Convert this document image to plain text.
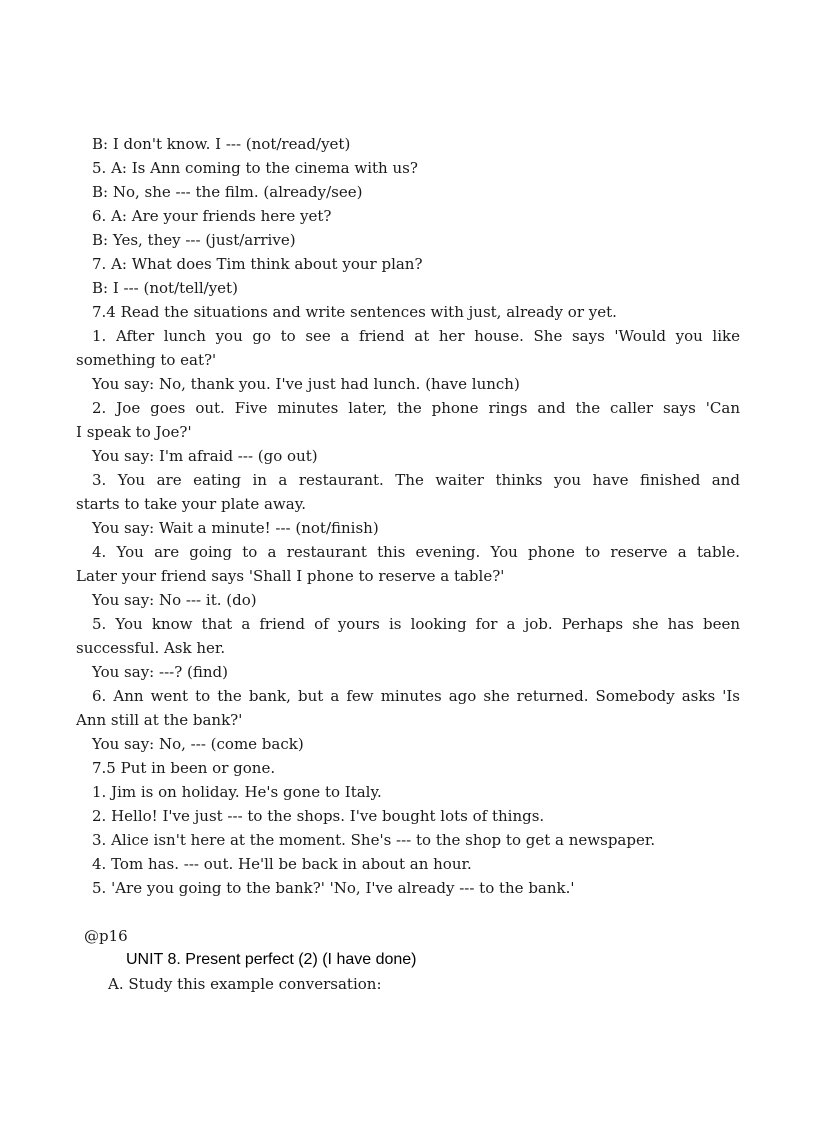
B: I don't know. I --- (not/read/yet)
5. A: Is Ann coming to the cinema with us?
B: No, she --- the film. (already/see)
6. A: Are your friends here yet?
B: Yes, they --- (just/arrive)
7. A: What does Tim think about your plan?
B: I --- (not/tell/yet)
7.4 Read the situations and write sentences with just, already or yet.
1. After lunch you go to see a friend at her house. She says 'Would you like
something to eat?'
You say: No, thank you. I've just had lunch. (have lunch)
2. Joe goes out. Five minutes later, the phone rings and the caller says 'Can
I speak to Joe?'
You say: I'm afraid --- (go out)
3. You are eating in a restaurant. The waiter thinks you have finished and
starts to take your plate away.
You say: Wait a minute! --- (not/finish)
4. You are going to a restaurant this evening. You phone to reserve a table.
Later your friend says 'Shall I phone to reserve a table?'
You say: No --- it. (do)
5. You know that a friend of yours is looking for a job. Perhaps she has been
successful. Ask her.
You say: ---? (find)
6. Ann went to the bank, but a few minutes ago she returned. Somebody asks 'Is
Ann still at the bank?'
You say: No, --- (come back)
7.5 Put in been or gone.
1. Jim is on holiday. He's gone to Italy.
2. Hello! I've just --- to the shops. I've bought lots of things.
3. Alice isn't here at the moment. She's --- to the shop to get a newspaper.
4. Tom has. --- out. He'll be back in about an hour.
5. 'Are you going to the bank?' 'No, I've already --- to the bank.'
@p16
UNIT 8. Present perfect (2) (I have done)
A. Study this example conversation:
